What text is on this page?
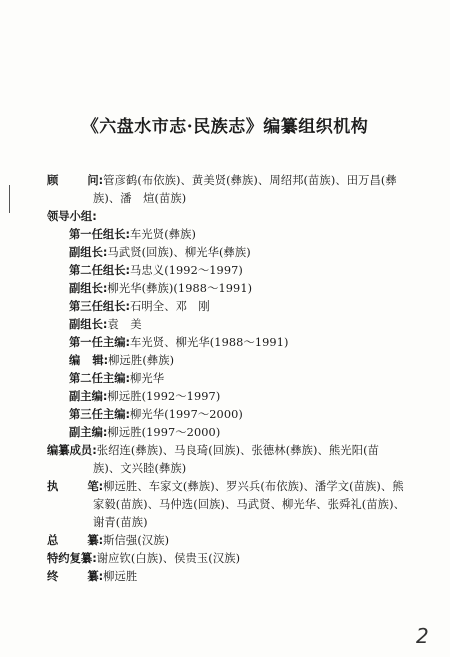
《六盘水市志·民族志》编纂组织机构
顾	问:管彦鹤(布依族)、黄美贤(彝族)、周绍邦(苗族)、田万昌(彝
族)、潘　煊(苗族)
领导小组:
第一任组长:车光贤(彝族)
副组长:马武贤(回族)、柳光华(彝族)
第二任组长:马忠义(1992～1997)
副组长:柳光华(彝族)(1988～1991)
第三任组长:石明全、邓　刚
副组长:袁　美
第一任主编:车光贤、柳光华(1988～1991)
编 辑:柳远胜(彝族)
第二任主编:柳光华
副主编:柳远胜(1992～1997)
第三任主编:柳光华(1997～2000)
副主编:柳远胜(1997～2000)
编纂成员:张绍连(彝族)、马良琦(回族)、张德林(彝族)、熊光阳(苗
族)、文兴睦(彝族)
执	笔:柳远胜、车家文(彝族)、罗兴兵(布依族)、潘学文(苗族)、熊
家毅(苗族)、马仲选(回族)、马武贤、柳光华、张舜礼(苗族)、
谢青(苗族)
总	纂:斯信强(汉族)
特约复纂:谢应钦(白族)、侯贵玉(汉族)
终	纂:柳远胜
2
